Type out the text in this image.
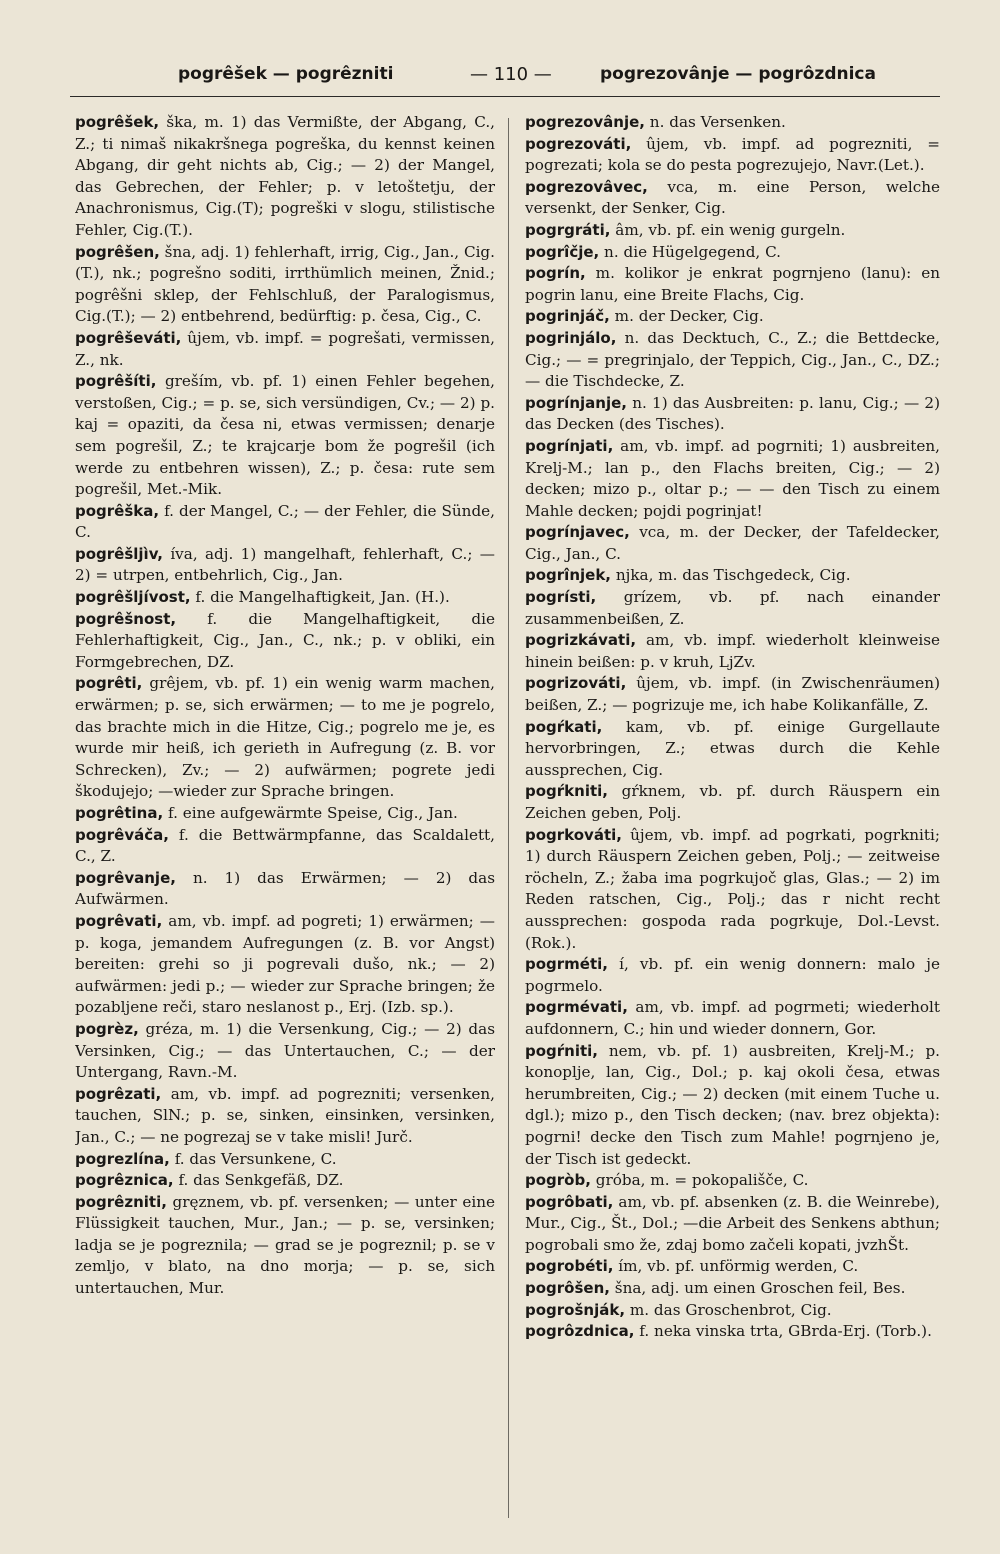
pogrêšek — pogrêzniti	— 110 —	pogrezovânje — pogrôzdnica

pogrêšek, ška, m. 1) das Vermißte, der Abgang, C., Z.; ti nimaš nikakršnega pogreška, du kennst keinen Abgang, dir geht nichts ab, Cig.; — 2) der Mangel, das Gebrechen, der Fehler; p. v letoštetju, der Anachronismus, Cig.(T); pogreški v slogu, stilistische Fehler, Cig.(T.).

pogrêšen, šna, adj. 1) fehlerhaft, irrig, Cig., Jan., Cig.(T.), nk.; pogrešno soditi, irrthümlich meinen, Žnid.; pogrêšni sklep, der Fehlschluß, der Paralogismus, Cig.(T.); — 2) entbehrend, bedürftig: p. česa, Cig., C.

pogrêševáti, ûjem, vb. impf. = pogrešati, vermissen, Z., nk.

pogrêšíti, greším, vb. pf. 1) einen Fehler begehen, verstoßen, Cig.; = p. se, sich versündigen, Cv.; — 2) p. kaj = opaziti, da česa ni, etwas vermissen; denarje sem pogrešil, Z.; te krajcarje bom že pogrešil (ich werde zu entbehren wissen), Z.; p. česa: rute sem pogrešil, Met.-Mik.

pogrêška, f. der Mangel, C.; — der Fehler, die Sünde, C.

pogrêšljìv, íva, adj. 1) mangelhaft, fehlerhaft, C.; — 2) = utrpen, entbehrlich, Cig., Jan.

pogrêšljívost, f. die Mangelhaftigkeit, Jan. (H.).

pogrêšnost, f. die Mangelhaftigkeit, die Fehlerhaftigkeit, Cig., Jan., C., nk.; p. v obliki, ein Formgebrechen, DZ.

pogrêti, grêjem, vb. pf. 1) ein wenig warm machen, erwärmen; p. se, sich erwärmen; — to me je pogrelo, das brachte mich in die Hitze, Cig.; pogrelo me je, es wurde mir heiß, ich gerieth in Aufregung (z. B. vor Schrecken), Zv.; — 2) aufwärmen; pogrete jedi škodujejo; —wieder zur Sprache bringen.

pogrêtina, f. eine aufgewärmte Speise, Cig., Jan.

pogrêváča, f. die Bettwärmpfanne, das Scaldalett, C., Z.

pogrêvanje, n. 1) das Erwärmen; — 2) das Aufwärmen.

pogrêvati, am, vb. impf. ad pogreti; 1) erwärmen; — p. koga, jemandem Aufregungen (z. B. vor Angst) bereiten: grehi so ji pogrevali dušo, nk.; — 2) aufwärmen: jedi p.; — wieder zur Sprache bringen; že pozabljene reči, staro neslanost p., Erj. (Izb. sp.).

pogrèz, gréza, m. 1) die Versenkung, Cig.; — 2) das Versinken, Cig.; — das Untertauchen, C.; — der Untergang, Ravn.-M.

pogrêzati, am, vb. impf. ad pogrezniti; versenken, tauchen, SlN.; p. se, sinken, einsinken, versinken, Jan., C.; — ne pogrezaj se v take misli! Jurč.

pogrezlína, f. das Versunkene, C.

pogrêznica, f. das Senkgefäß, DZ.

pogrêzniti, gręznem, vb. pf. versenken; — unter eine Flüssigkeit tauchen, Mur., Jan.; — p. se, versinken; ladja se je pogreznila; — grad se je pogreznil; p. se v zemljo, v blato, na dno morja; — p. se, sich untertauchen, Mur.

pogrezovânje, n. das Versenken.

pogrezováti, ûjem, vb. impf. ad pogrezniti, = pogrezati; kola se do pesta pogrezujejo, Navr.(Let.).

pogrezovâvec, vca, m. eine Person, welche versenkt, der Senker, Cig.

pogrgráti, âm, vb. pf. ein wenig gurgeln.

pogrîčje, n. die Hügelgegend, C.

pogrín, m. kolikor je enkrat pogrnjeno (lanu): en pogrin lanu, eine Breite Flachs, Cig.

pogrinjáč, m. der Decker, Cig.

pogrinjálo, n. das Decktuch, C., Z.; die Bettdecke, Cig.; — = pregrinjalo, der Teppich, Cig., Jan., C., DZ.; — die Tischdecke, Z.

pogrínjanje, n. 1) das Ausbreiten: p. lanu, Cig.; — 2) das Decken (des Tisches).

pogrínjati, am, vb. impf. ad pogrniti; 1) ausbreiten, Krelj-M.; lan p., den Flachs breiten, Cig.; — 2) decken; mizo p., oltar p.; — — den Tisch zu einem Mahle decken; pojdi pogrinjat!

pogrínjavec, vca, m. der Decker, der Tafeldecker, Cig., Jan., C.

pogrînjek, njka, m. das Tischgedeck, Cig.

pogrísti, grízem, vb. pf. nach einander zusammenbeißen, Z.

pogrizkávati, am, vb. impf. wiederholt kleinweise hinein beißen: p. v kruh, LjZv.

pogrizováti, ûjem, vb. impf. (in Zwischenräumen) beißen, Z.; — pogrizuje me, ich habe Kolikanfälle, Z.

pogŕkati, kam, vb. pf. einige Gurgellaute hervorbringen, Z.; etwas durch die Kehle aussprechen, Cig.

pogŕkniti, gŕknem, vb. pf. durch Räuspern ein Zeichen geben, Polj.

pogrkováti, ûjem, vb. impf. ad pogrkati, pogrkniti; 1) durch Räuspern Zeichen geben, Polj.; — zeitweise röcheln, Z.; žaba ima pogrkujoč glas, Glas.; — 2) im Reden ratschen, Cig., Polj.; das r nicht recht aussprechen: gospoda rada pogrkuje, Dol.-Levst.(Rok.).

pogrméti, í, vb. pf. ein wenig donnern: malo je pogrmelo.

pogrmévati, am, vb. impf. ad pogrmeti; wiederholt aufdonnern, C.; hin und wieder donnern, Gor.

pogŕniti, nem, vb. pf. 1) ausbreiten, Krelj-M.; p. konoplje, lan, Cig., Dol.; p. kaj okoli česa, etwas herumbreiten, Cig.; — 2) decken (mit einem Tuche u. dgl.); mizo p., den Tisch decken; (nav. brez objekta): pogrni! decke den Tisch zum Mahle! pogrnjeno je, der Tisch ist gedeckt.

pogròb, gróba, m. = pokopališče, C.

pogrôbati, am, vb. pf. absenken (z. B. die Weinrebe), Mur., Cig., Št., Dol.; —die Arbeit des Senkens abthun; pogrobali smo že, zdaj bomo začeli kopati, jvzhŠt.

pogrobéti, ím, vb. pf. unförmig werden, C.

pogrôšen, šna, adj. um einen Groschen feil, Bes.

pogrošnják, m. das Groschenbrot, Cig.

pogrôzdnica, f. neka vinska trta, GBrda-Erj. (Torb.).
